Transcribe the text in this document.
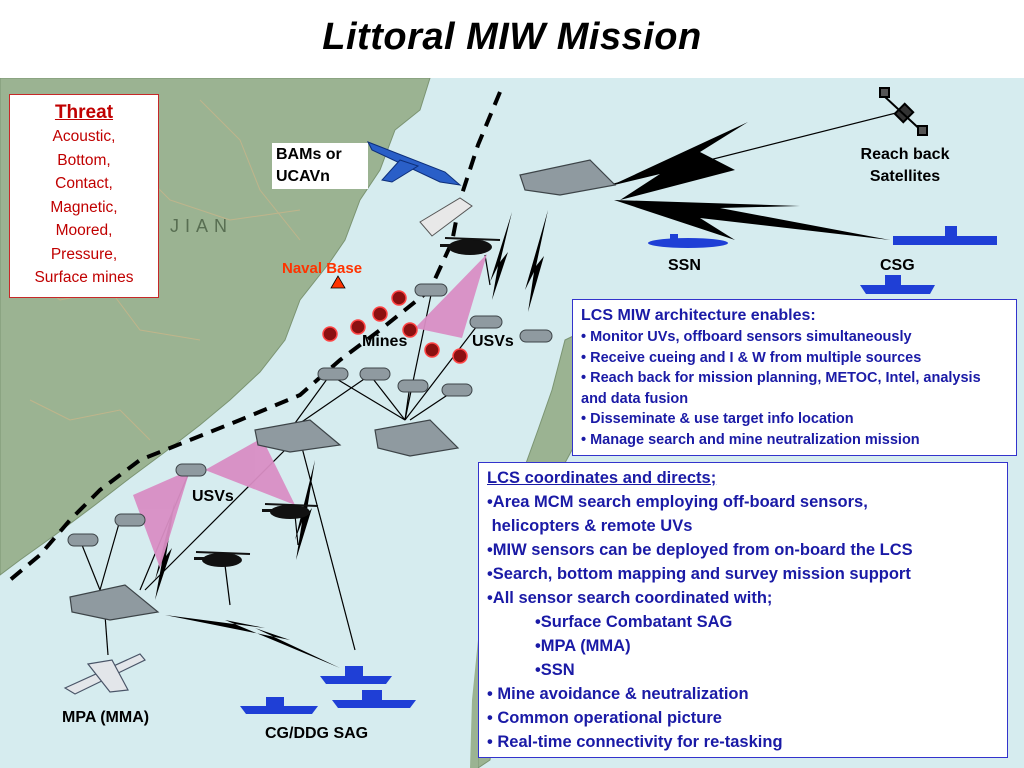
Littoral MIW Mission
JIAN
Threat
Acoustic,
Bottom,
Contact,
Magnetic,
Moored,
Pressure,
Surface mines
BAMs or UCAVn
Naval Base
Reach back
Satellites
SSN	CSG
Mines	USVs
USVs
MPA (MMA)
CG/DDG SAG
LCS MIW architecture enables:
• Monitor UVs, offboard sensors simultaneously
• Receive cueing and I & W from multiple sources
• Reach back for mission planning, METOC, Intel, analysis and data fusion
• Disseminate & use target info location
• Manage search and mine neutralization mission
LCS coordinates and directs;
•Area MCM search employing off-board sensors,
helicopters & remote UVs
•MIW sensors can be deployed from on-board the LCS
•Search, bottom mapping and survey mission support
•All sensor search coordinated with;
•Surface Combatant SAG
•MPA (MMA)
•SSN
• Mine avoidance & neutralization
• Common operational picture
• Real-time connectivity for re-tasking
